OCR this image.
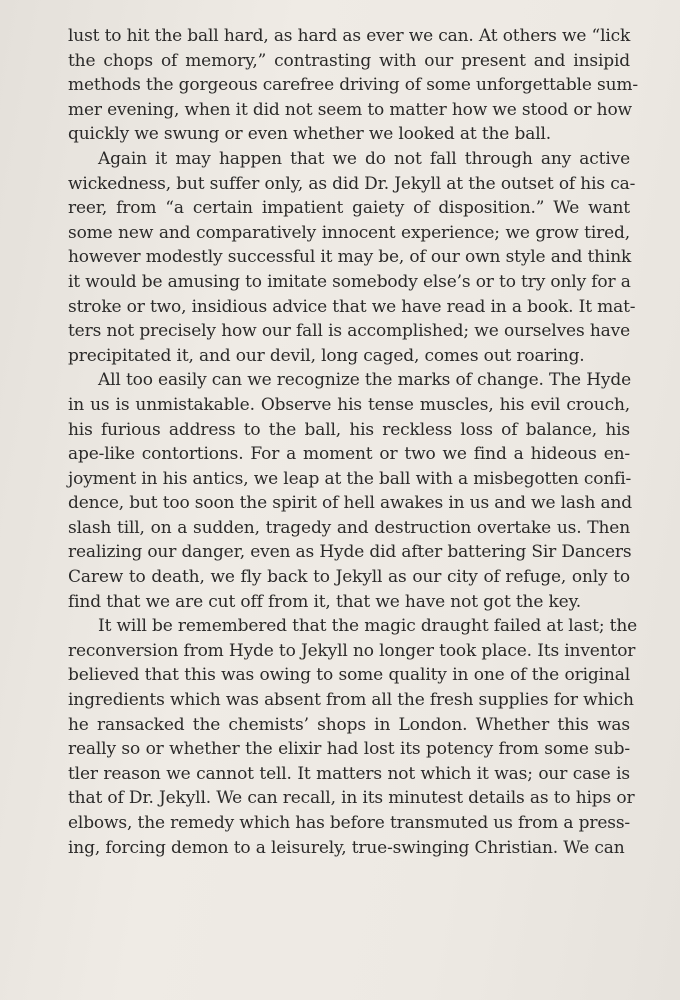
lust to hit the ball hard, as hard as ever we can. At others we “lick
the chops of memory,” contrasting with our present and insipid
methods the gorgeous carefree driving of some unforgettable sum-
mer evening, when it did not seem to matter how we stood or how
quickly we swung or even whether we looked at the ball.
Again it may happen that we do not fall through any active
wickedness, but suffer only, as did Dr. Jekyll at the outset of his ca-
reer, from “a certain impatient gaiety of disposition.” We want
some new and comparatively innocent experience; we grow tired,
however modestly successful it may be, of our own style and think
it would be amusing to imitate somebody else’s or to try only for a
stroke or two, insidious advice that we have read in a book. It mat-
ters not precisely how our fall is accomplished; we ourselves have
precipitated it, and our devil, long caged, comes out roaring.
All too easily can we recognize the marks of change. The Hyde
in us is unmistakable. Observe his tense muscles, his evil crouch,
his furious address to the ball, his reckless loss of balance, his
ape-like contortions. For a moment or two we find a hideous en-
joyment in his antics, we leap at the ball with a misbegotten confi-
dence, but too soon the spirit of hell awakes in us and we lash and
slash till, on a sudden, tragedy and destruction overtake us. Then
realizing our danger, even as Hyde did after battering Sir Dancers
Carew to death, we fly back to Jekyll as our city of refuge, only to
find that we are cut off from it, that we have not got the key.
It will be remembered that the magic draught failed at last; the
reconversion from Hyde to Jekyll no longer took place. Its inventor
believed that this was owing to some quality in one of the original
ingredients which was absent from all the fresh supplies for which
he ransacked the chemists’ shops in London. Whether this was
really so or whether the elixir had lost its potency from some sub-
tler reason we cannot tell. It matters not which it was; our case is
that of Dr. Jekyll. We can recall, in its minutest details as to hips or
elbows, the remedy which has before transmuted us from a press-
ing, forcing demon to a leisurely, true-swinging Christian. We can
